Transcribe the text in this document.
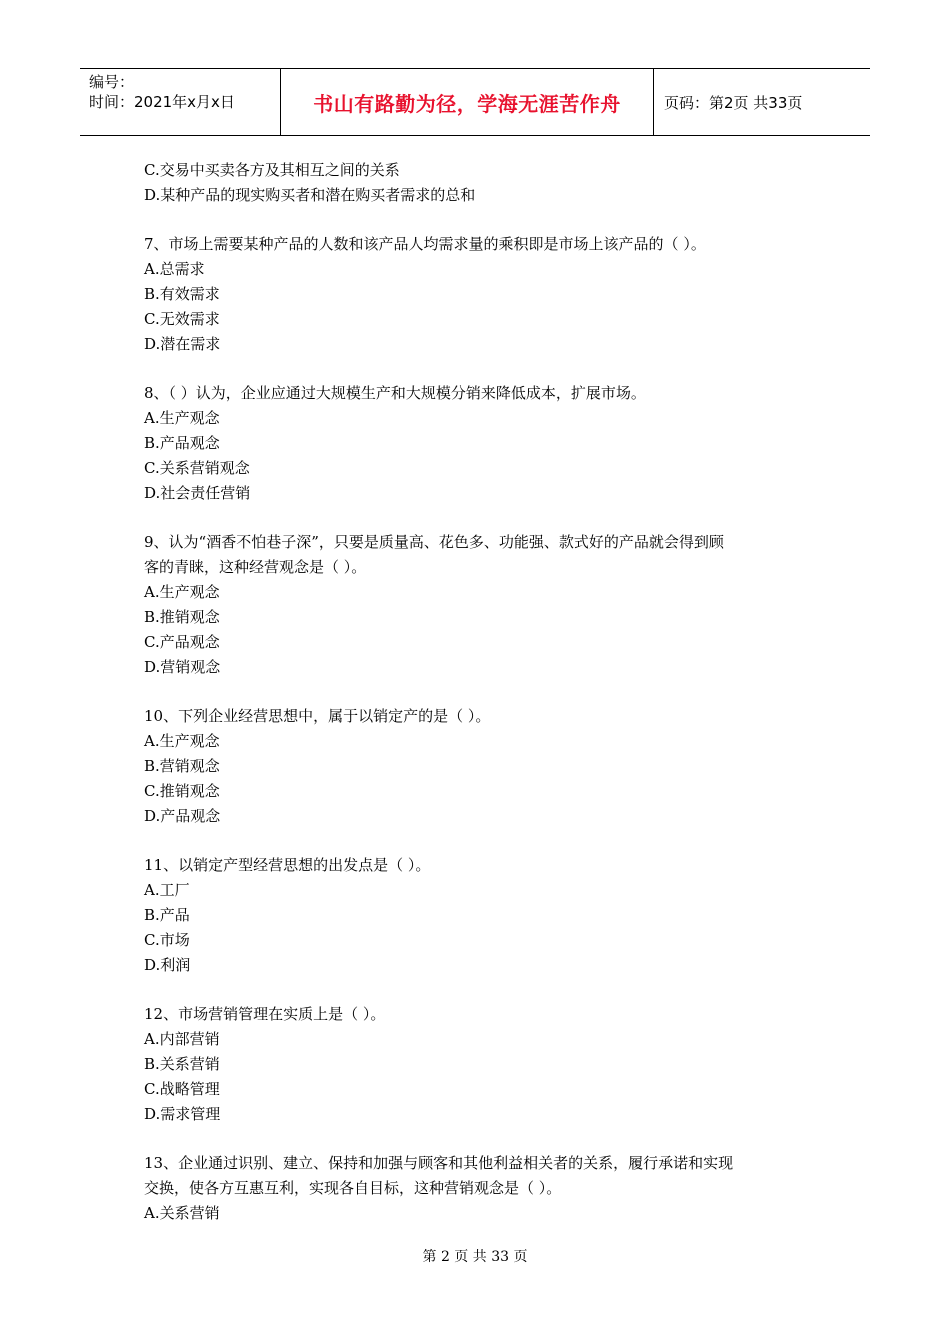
编号：
时间：2021年x月x日	书山有路勤为径，学海无涯苦作舟	页码：第2页 共33页
C.交易中买卖各方及其相互之间的关系
D.某种产品的现实购买者和潜在购买者需求的总和
7、市场上需要某种产品的人数和该产品人均需求量的乘积即是市场上该产品的（ ）。
A.总需求
B.有效需求
C.无效需求
D.潜在需求
8、（ ）认为，企业应通过大规模生产和大规模分销来降低成本，扩展市场。
A.生产观念
B.产品观念
C.关系营销观念
D.社会责任营销
9、认为“酒香不怕巷子深”，只要是质量高、花色多、功能强、款式好的产品就会得到顾
客的青睐，这种经营观念是（ ）。
A.生产观念
B.推销观念
C.产品观念
D.营销观念
10、下列企业经营思想中，属于以销定产的是（ ）。
A.生产观念
B.营销观念
C.推销观念
D.产品观念
11、以销定产型经营思想的出发点是（ ）。
A.工厂
B.产品
C.市场
D.利润
12、市场营销管理在实质上是（ ）。
A.内部营销
B.关系营销
C.战略管理
D.需求管理
13、企业通过识别、建立、保持和加强与顾客和其他利益相关者的关系，履行承诺和实现
交换，使各方互惠互利，实现各自目标，这种营销观念是（ ）。
A.关系营销
第 2 页 共 33 页
